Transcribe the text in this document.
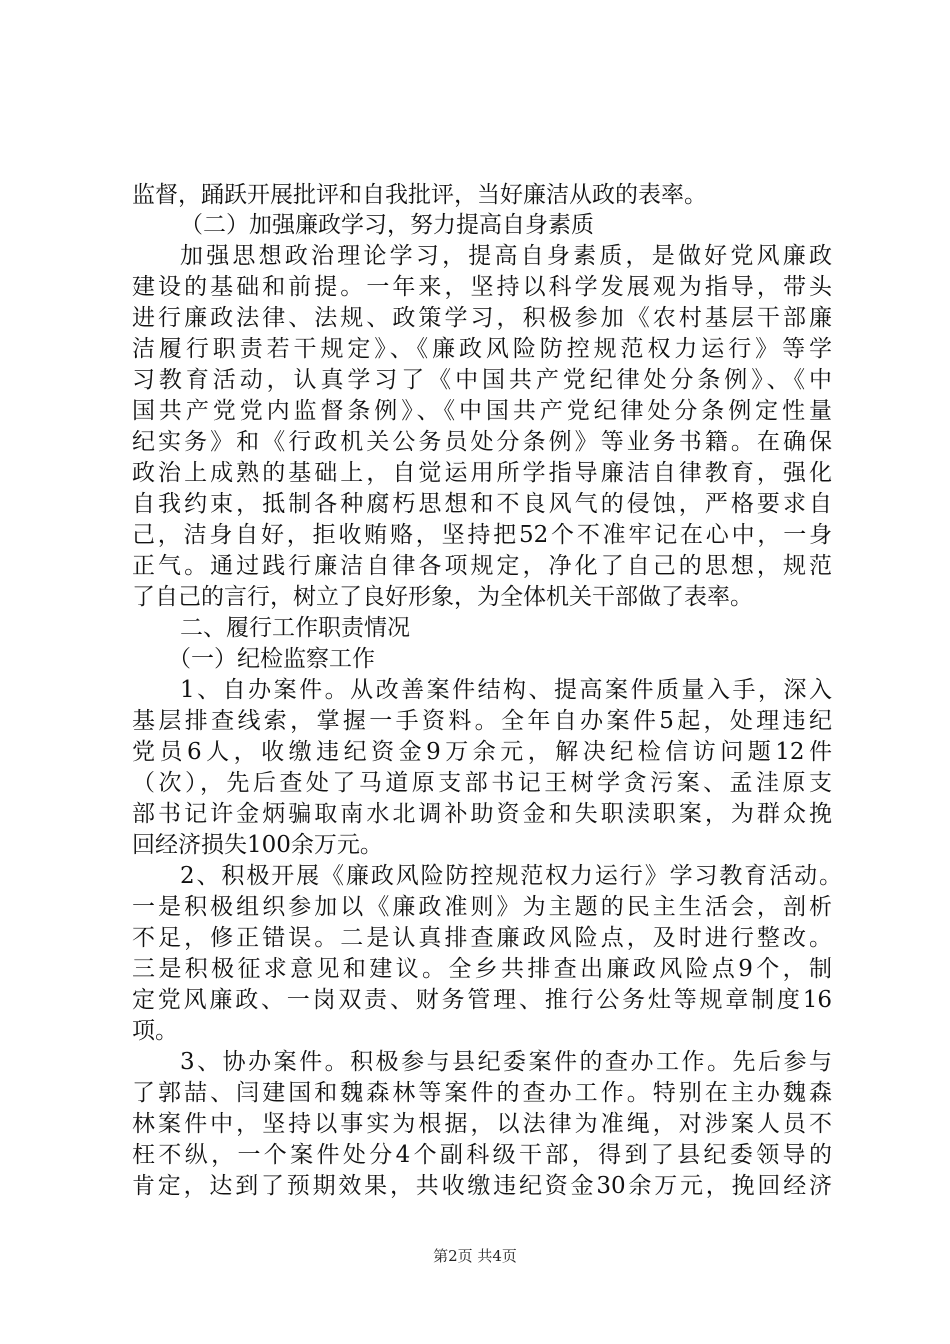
监督，踊跃开展批评和自我批评，当好廉洁从政的表率。
（二）加强廉政学习，努力提高自身素质
加强思想政治理论学习，提高自身素质，是做好党风廉政
建设的基础和前提。一年来，坚持以科学发展观为指导，带头
进行廉政法律、法规、政策学习，积极参加《农村基层干部廉
洁履行职责若干规定》、《廉政风险防控规范权力运行》等学
习教育活动，认真学习了《中国共产党纪律处分条例》、《中
国共产党党内监督条例》、《中国共产党纪律处分条例定性量
纪实务》和《行政机关公务员处分条例》等业务书籍。在确保
政治上成熟的基础上，自觉运用所学指导廉洁自律教育，强化
自我约束，抵制各种腐朽思想和不良风气的侵蚀，严格要求自
己，洁身自好，拒收贿赂，坚持把52个不准牢记在心中，一身
正气。通过践行廉洁自律各项规定，净化了自己的思想，规范
了自己的言行，树立了良好形象，为全体机关干部做了表率。
二、履行工作职责情况
（一）纪检监察工作
1、自办案件。从改善案件结构、提高案件质量入手，深入
基层排查线索，掌握一手资料。全年自办案件5起，处理违纪
党员6人，收缴违纪资金9万余元，解决纪检信访问题12件
（次），先后查处了马道原支部书记王树学贪污案、孟洼原支
部书记许金炳骗取南水北调补助资金和失职渎职案，为群众挽
回经济损失100余万元。
2、积极开展《廉政风险防控规范权力运行》学习教育活动。
一是积极组织参加以《廉政准则》为主题的民主生活会，剖析
不足，修正错误。二是认真排查廉政风险点，及时进行整改。
三是积极征求意见和建议。全乡共排查出廉政风险点9个，制
定党风廉政、一岗双责、财务管理、推行公务灶等规章制度16
项。
3、协办案件。积极参与县纪委案件的查办工作。先后参与
了郭喆、闫建国和魏森林等案件的查办工作。特别在主办魏森
林案件中，坚持以事实为根据，以法律为准绳，对涉案人员不
枉不纵，一个案件处分4个副科级干部，得到了县纪委领导的
肯定，达到了预期效果，共收缴违纪资金30余万元，挽回经济
第2页 共4页
